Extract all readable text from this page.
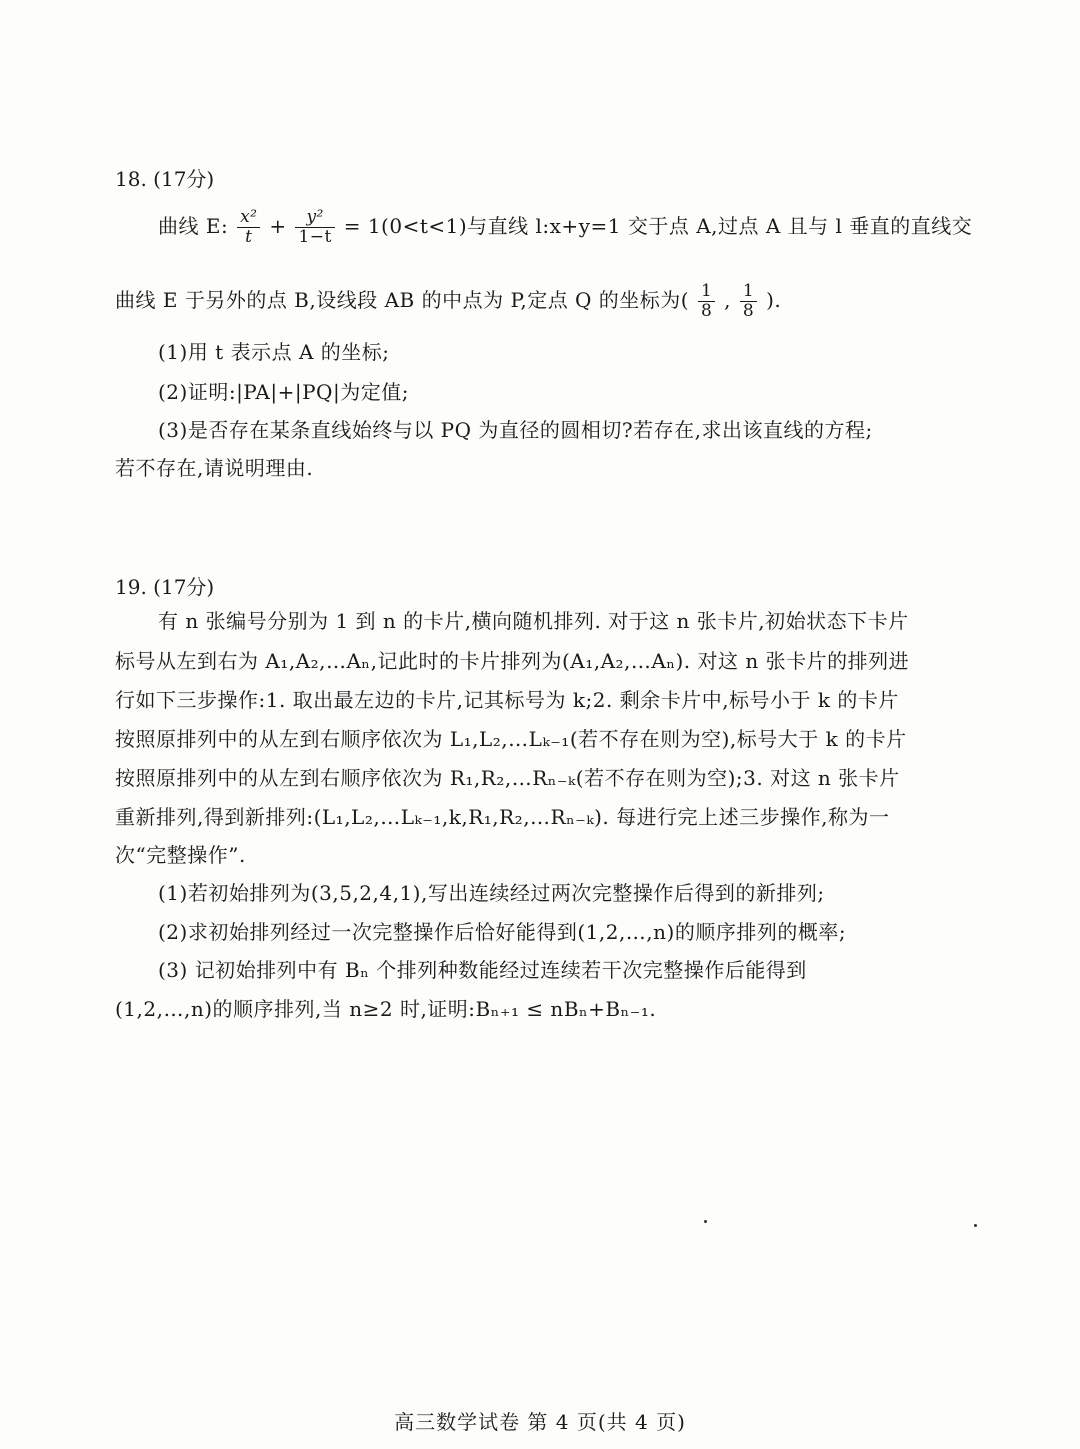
18. (17分)
曲线 E: $\frac{\text{x²}}{t} + \frac{\text{y²}}{1-t} = 1(0<t<1)$与直线 l:x+y=1 交于点 A,过点 A 且与 l 垂直的直线交
曲线 E 于另外的点 B,设线段 AB 的中点为 P,定点 Q 的坐标为( $\frac{1}{8}$ , $\frac{1}{8}$ ).
(1)用 t 表示点 A 的坐标;
(2)证明:|PA|+|PQ|为定值;
(3)是否存在某条直线始终与以 PQ 为直径的圆相切?若存在,求出该直线的方程;
若不存在,请说明理由.
19. (17分)
有 n 张编号分别为 1 到 n 的卡片,横向随机排列. 对于这 n 张卡片,初始状态下卡片
标号从左到右为 A₁,A₂,…Aₙ,记此时的卡片排列为(A₁,A₂,…Aₙ). 对这 n 张卡片的排列进
行如下三步操作:1. 取出最左边的卡片,记其标号为 k;2. 剩余卡片中,标号小于 k 的卡片
按照原排列中的从左到右顺序依次为 L₁,L₂,…Lₖ₋₁(若不存在则为空),标号大于 k 的卡片
按照原排列中的从左到右顺序依次为 R₁,R₂,…Rₙ₋ₖ(若不存在则为空);3. 对这 n 张卡片
重新排列,得到新排列:(L₁,L₂,…Lₖ₋₁,k,R₁,R₂,…Rₙ₋ₖ). 每进行完上述三步操作,称为一
次“完整操作”.
(1)若初始排列为(3,5,2,4,1),写出连续经过两次完整操作后得到的新排列;
(2)求初始排列经过一次完整操作后恰好能得到(1,2,…,n)的顺序排列的概率;
(3) 记初始排列中有 Bₙ 个排列种数能经过连续若干次完整操作后能得到
(1,2,…,n)的顺序排列,当 n≥2 时,证明:Bₙ₊₁ ≤ nBₙ+Bₙ₋₁.
高三数学试卷 第 4 页(共 4 页)
